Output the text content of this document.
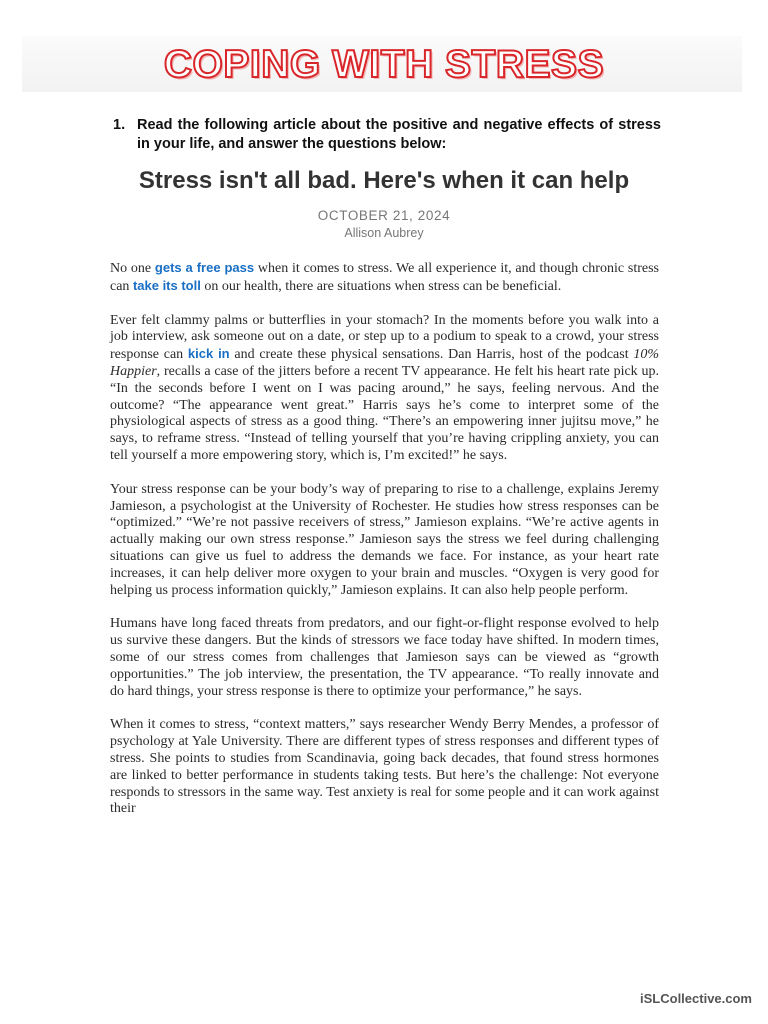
COPING WITH STRESS
1. Read the following article about the positive and negative effects of stress in your life, and answer the questions below:
Stress isn't all bad. Here's when it can help
OCTOBER 21, 2024
Allison Aubrey

No one gets a free pass when it comes to stress. We all experience it, and though chronic stress can take its toll on our health, there are situations when stress can be beneficial.

Ever felt clammy palms or butterflies in your stomach? In the moments before you walk into a job interview, ask someone out on a date, or step up to a podium to speak to a crowd, your stress response can kick in and create these physical sensations. Dan Harris, host of the podcast 10% Happier, recalls a case of the jitters before a recent TV appearance. He felt his heart rate pick up. “In the seconds before I went on I was pacing around,” he says, feeling nervous. And the outcome? “The appearance went great.” Harris says he’s come to interpret some of the physiological aspects of stress as a good thing. “There’s an empowering inner jujitsu move,” he says, to reframe stress. “Instead of telling yourself that you’re having crippling anxiety, you can tell yourself a more empowering story, which is, I’m excited!” he says.

Your stress response can be your body’s way of preparing to rise to a challenge, explains Jeremy Jamieson, a psychologist at the University of Rochester. He studies how stress responses can be “optimized.” “We’re not passive receivers of stress,” Jamieson explains. “We’re active agents in actually making our own stress response.” Jamieson says the stress we feel during challenging situations can give us fuel to address the demands we face. For instance, as your heart rate increases, it can help deliver more oxygen to your brain and muscles. “Oxygen is very good for helping us process information quickly,” Jamieson explains. It can also help people perform.

Humans have long faced threats from predators, and our fight-or-flight response evolved to help us survive these dangers. But the kinds of stressors we face today have shifted. In modern times, some of our stress comes from challenges that Jamieson says can be viewed as “growth opportunities.” The job interview, the presentation, the TV appearance. “To really innovate and do hard things, your stress response is there to optimize your performance,” he says.

When it comes to stress, “context matters,” says researcher Wendy Berry Mendes, a professor of psychology at Yale University. There are different types of stress responses and different types of stress. She points to studies from Scandinavia, going back decades, that found stress hormones are linked to better performance in students taking tests. But here’s the challenge: Not everyone responds to stressors in the same way. Test anxiety is real for some people and it can work against their

iSLCollective.com
